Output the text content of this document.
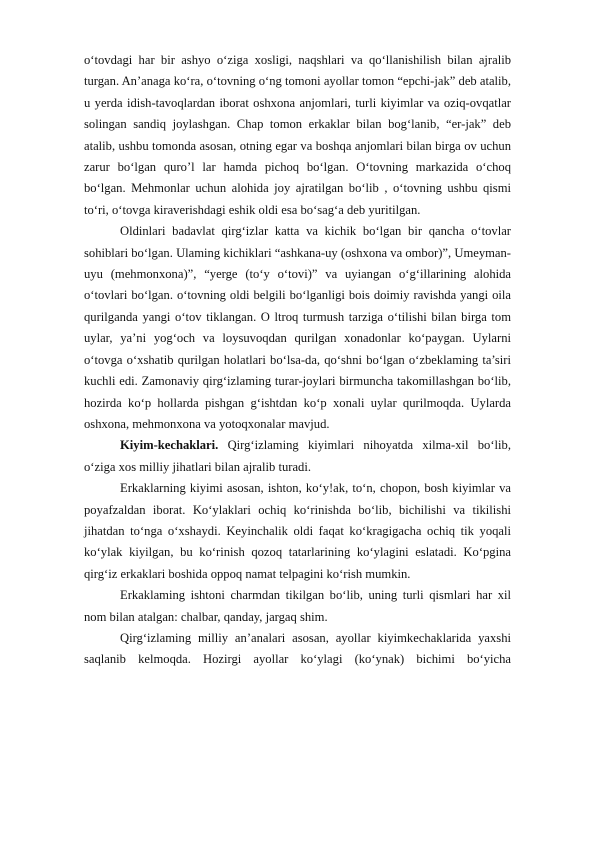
o‘tovdagi har bir ashyo o‘ziga xosligi, naqshlari va qo‘llanishilish bilan ajralib turgan. An’anaga ko‘ra, o‘tovning o‘ng tomoni ayollar tomon “epchi-jak” deb atalib, u yerda idish-tavoqlardan iborat oshxona anjomlari, turli kiyimlar va oziq-ovqatlar solingan sandiq joylashgan. Chap tomon erkaklar bilan bog‘lanib, “er-jak” deb atalib, ushbu tomonda asosan, otning egar va boshqa anjomlari bilan birga ov uchun zarur bo‘lgan quro’l lar hamda pichoq bo‘lgan. O‘tovning markazida o‘choq bo‘lgan. Mehmonlar uchun alohida joy ajratilgan bo‘lib , o‘tovning ushbu qismi to‘ri, o‘tovga kiraverishdagi eshik oldi esa bo‘sag‘a deb yuritilgan.

Oldinlari badavlat qirg‘izlar katta va kichik bo‘lgan bir qancha o‘tovlar sohiblari bo‘lgan. Ulaming kichiklari “ashkana-uy (oshxona va ombor)”, Umeyman-uyu (mehmonxona)”, “yerge (to‘y o‘tovi)” va uyiangan o‘g‘illarining alohida o‘tovlari bo‘lgan. o‘tovning oldi belgili bo‘lganligi bois doimiy ravishda yangi oila qurilganda yangi o‘tov tiklangan. O ltroq turmush tarziga o‘tilishi bilan birga tom uylar, ya’ni yog‘och va loysuvoqdan qurilgan xonadonlar ko‘paygan. Uylarni o‘tovga o‘xshatib qurilgan holatlari bo‘lsa-da, qo‘shni bo‘lgan o‘zbeklaming ta’siri kuchli edi. Zamonaviy qirg‘izlaming turar-joylari birmuncha takomillashgan bo‘lib, hozirda ko‘p hollarda pishgan g‘ishtdan ko‘p xonali uylar qurilmoqda. Uylarda oshxona, mehmonxona va yotoqxonalar mavjud.

Kiyim-kechaklari. Qirg‘izlaming kiyimlari nihoyatda xilma-xil bo‘lib, o‘ziga xos milliy jihatlari bilan ajralib turadi.

Erkaklarning kiyimi asosan, ishton, ko‘y!ak, to‘n, chopon, bosh kiyimlar va poyafzaldan iborat. Ko‘ylaklari ochiq ko‘rinishda bo‘lib, bichilishi va tikilishi jihatdan to‘nga o‘xshaydi. Keyinchalik oldi faqat ko‘kragigacha ochiq tik yoqali ko‘ylak kiyilgan, bu ko‘rinish qozoq tatarlarining ko‘ylagini eslatadi. Ko‘pgina qirg‘iz erkaklari boshida oppoq namat telpagini ko‘rish mumkin.

Erkaklaming ishtoni charmdan tikilgan bo‘lib, uning turli qismlari har xil nom bilan atalgan: chalbar, qanday, jargaq shim.

Qirg‘izlaming milliy an’analari asosan, ayollar kiyimkechaklarida yaxshi saqlanib kelmoqda. Hozirgi ayollar ko‘ylagi (ko‘ynak) bichimi bo‘yicha
